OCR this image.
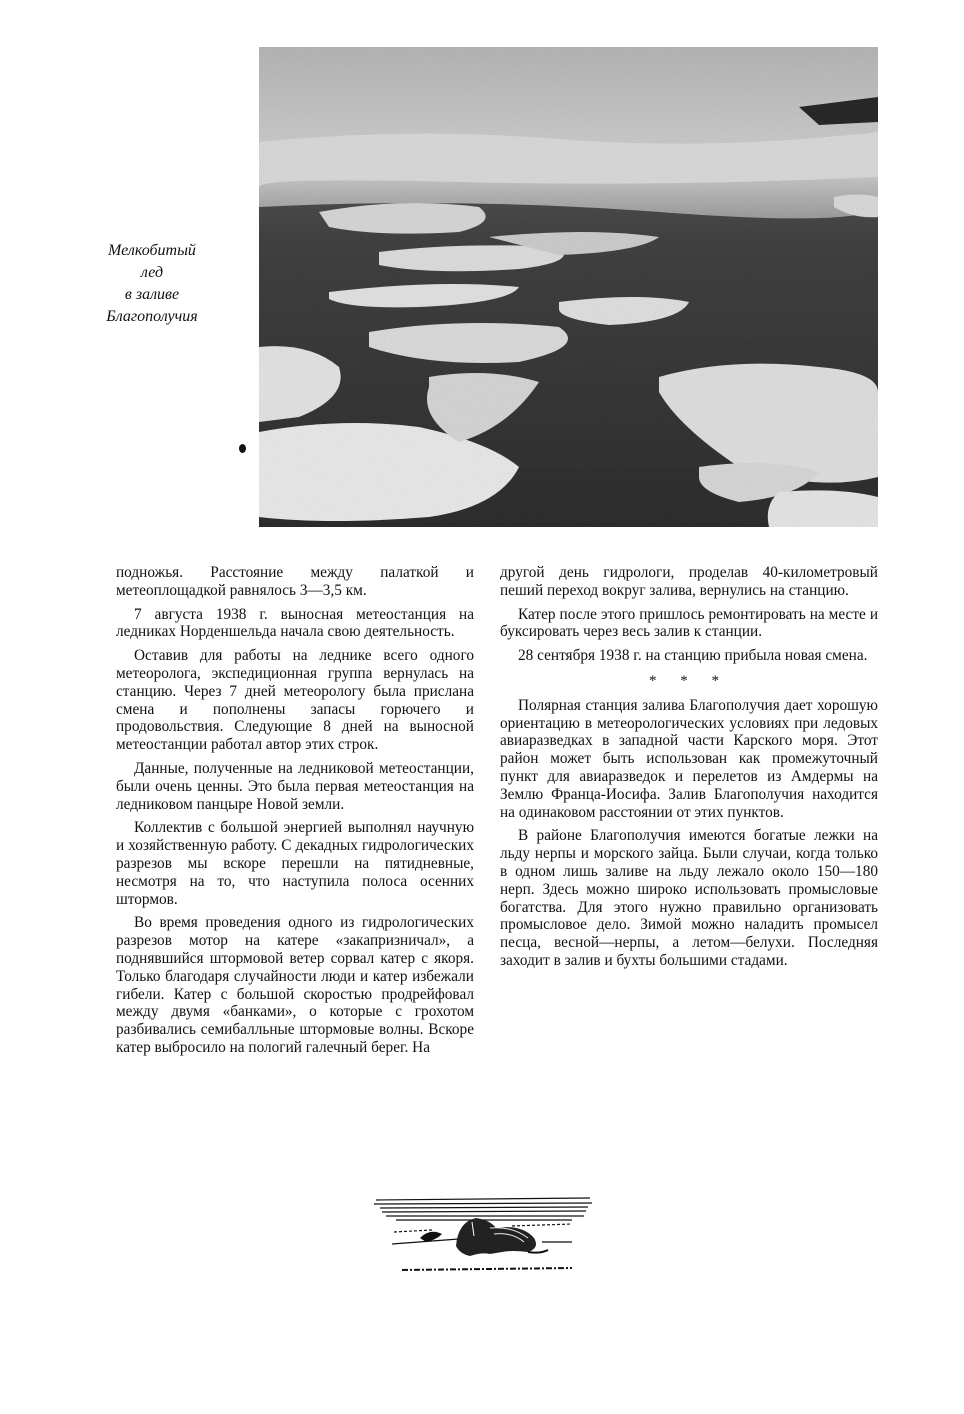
Мелкобитый
лед
в заливе
Благополучия

подножья. Расстояние между палаткой и метеоплощадкой равнялось 3—3,5 км.

7 августа 1938 г. выносная метеостанция на ледниках Норденшельда начала свою деятельность.

Оставив для работы на леднике всего одного метеоролога, экспедиционная группа вернулась на станцию. Через 7 дней метеорологу была прислана смена и пополнены запасы горючего и продовольствия. Следующие 8 дней на выносной метеостанции работал автор этих строк.

Данные, полученные на ледниковой метеостанции, были очень ценны. Это была первая метеостанция на ледниковом панцыре Новой земли.

Коллектив с большой энергией выполнял научную и хозяйственную работу. С декадных гидрологических разрезов мы вскоре перешли на пятидневные, несмотря на то, что наступила полоса осенних штормов.

Во время проведения одного из гидрологических разрезов мотор на катере «закапризничал», а поднявшийся штормовой ветер сорвал катер с якоря. Только благодаря случайности люди и катер избежали гибели. Катер с большой скоростью продрейфовал между двумя «банками», о которые с грохотом разбивались семибалльные штормовые волны. Вскоре катер выбросило на пологий галечный берег. На

другой день гидрологи, проделав 40-километровый пеший переход вокруг залива, вернулись на станцию.

Катер после этого пришлось ремонтировать на месте и буксировать через весь залив к станции.

28 сентября 1938 г. на станцию прибыла новая смена.

* * *

Полярная станция залива Благополучия дает хорошую ориентацию в метеорологических условиях при ледовых авиаразведках в западной части Карского моря. Этот район может быть использован как промежуточный пункт для авиаразведок и перелетов из Амдермы на Землю Франца-Иосифа. Залив Благополучия находится на одинаковом расстоянии от этих пунктов.

В районе Благополучия имеются богатые лежки на льду нерпы и морского зайца. Были случаи, когда только в одном лишь заливе на льду лежало около 150—180 нерп. Здесь можно широко использовать промысловые богатства. Для этого нужно правильно организовать промысловое дело. Зимой можно наладить промысел песца, весной—нерпы, а летом—белухи. Последняя заходит в залив и бухты большими стадами.
